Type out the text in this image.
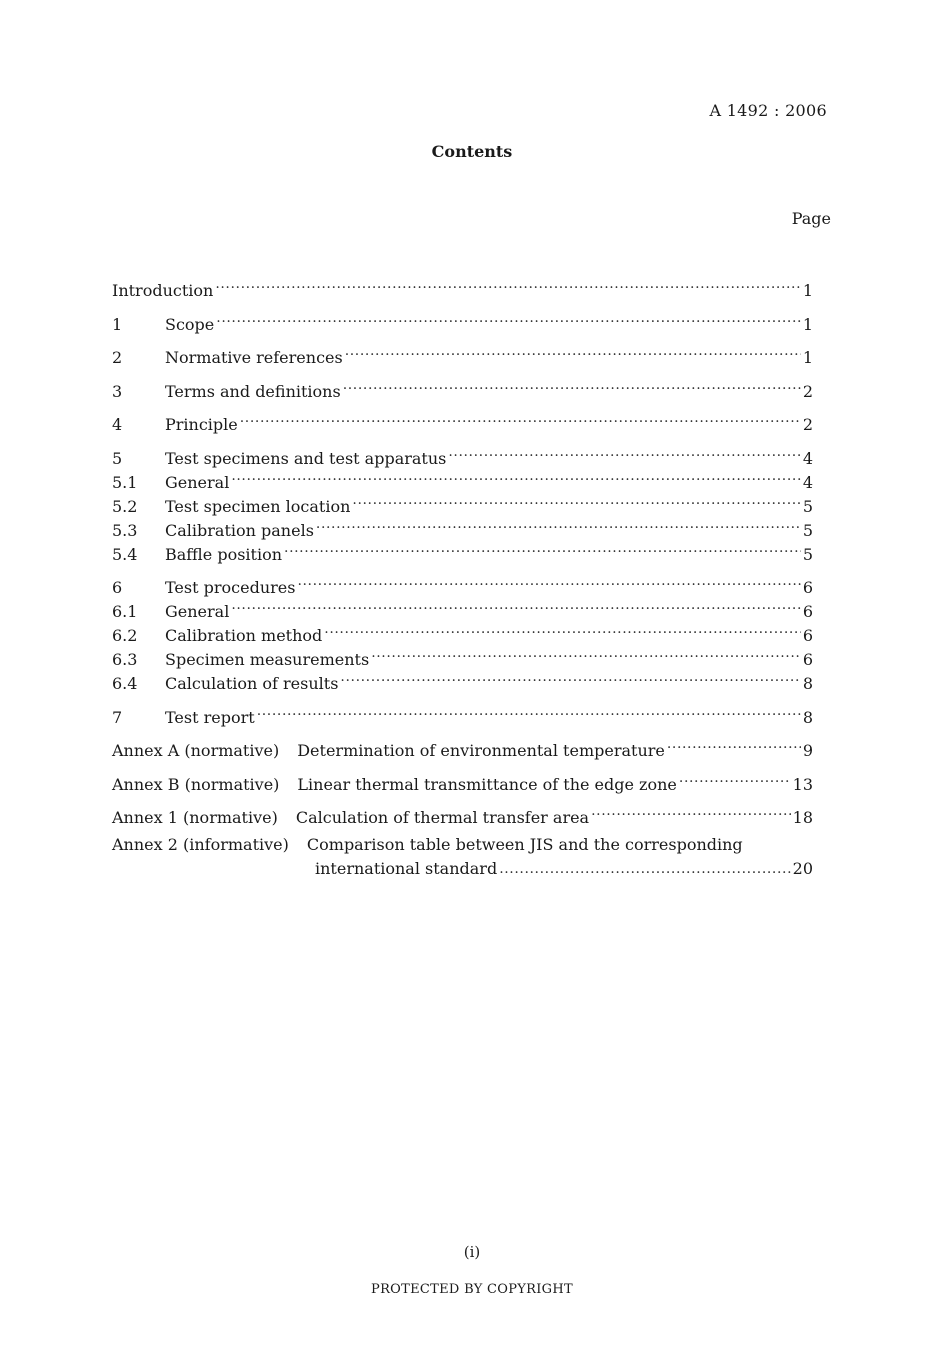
A 1492 : 2006
Contents
Page
Introduction .....	1
1	Scope .....	1
2	Normative references .....	1
3	Terms and definitions .....	2
4	Principle .....	2
5	Test specimens and test apparatus .....	4
5.1	General .....	4
5.2	Test specimen location .....	5
5.3	Calibration panels .....	5
5.4	Baffle position .....	5
6	Test procedures .....	6
6.1	General .....	6
6.2	Calibration method .....	6
6.3	Specimen measurements .....	6
6.4	Calculation of results .....	8
7	Test report .....	8
Annex A (normative) Determination of environmental temperature .....	9
Annex B (normative) Linear thermal transmittance of the edge zone .....	13
Annex 1 (normative) Calculation of thermal transfer area .....	18
Annex 2 (informative) Comparison table between JIS and the corresponding
international standard .....	20
(i)
PROTECTED BY COPYRIGHT
